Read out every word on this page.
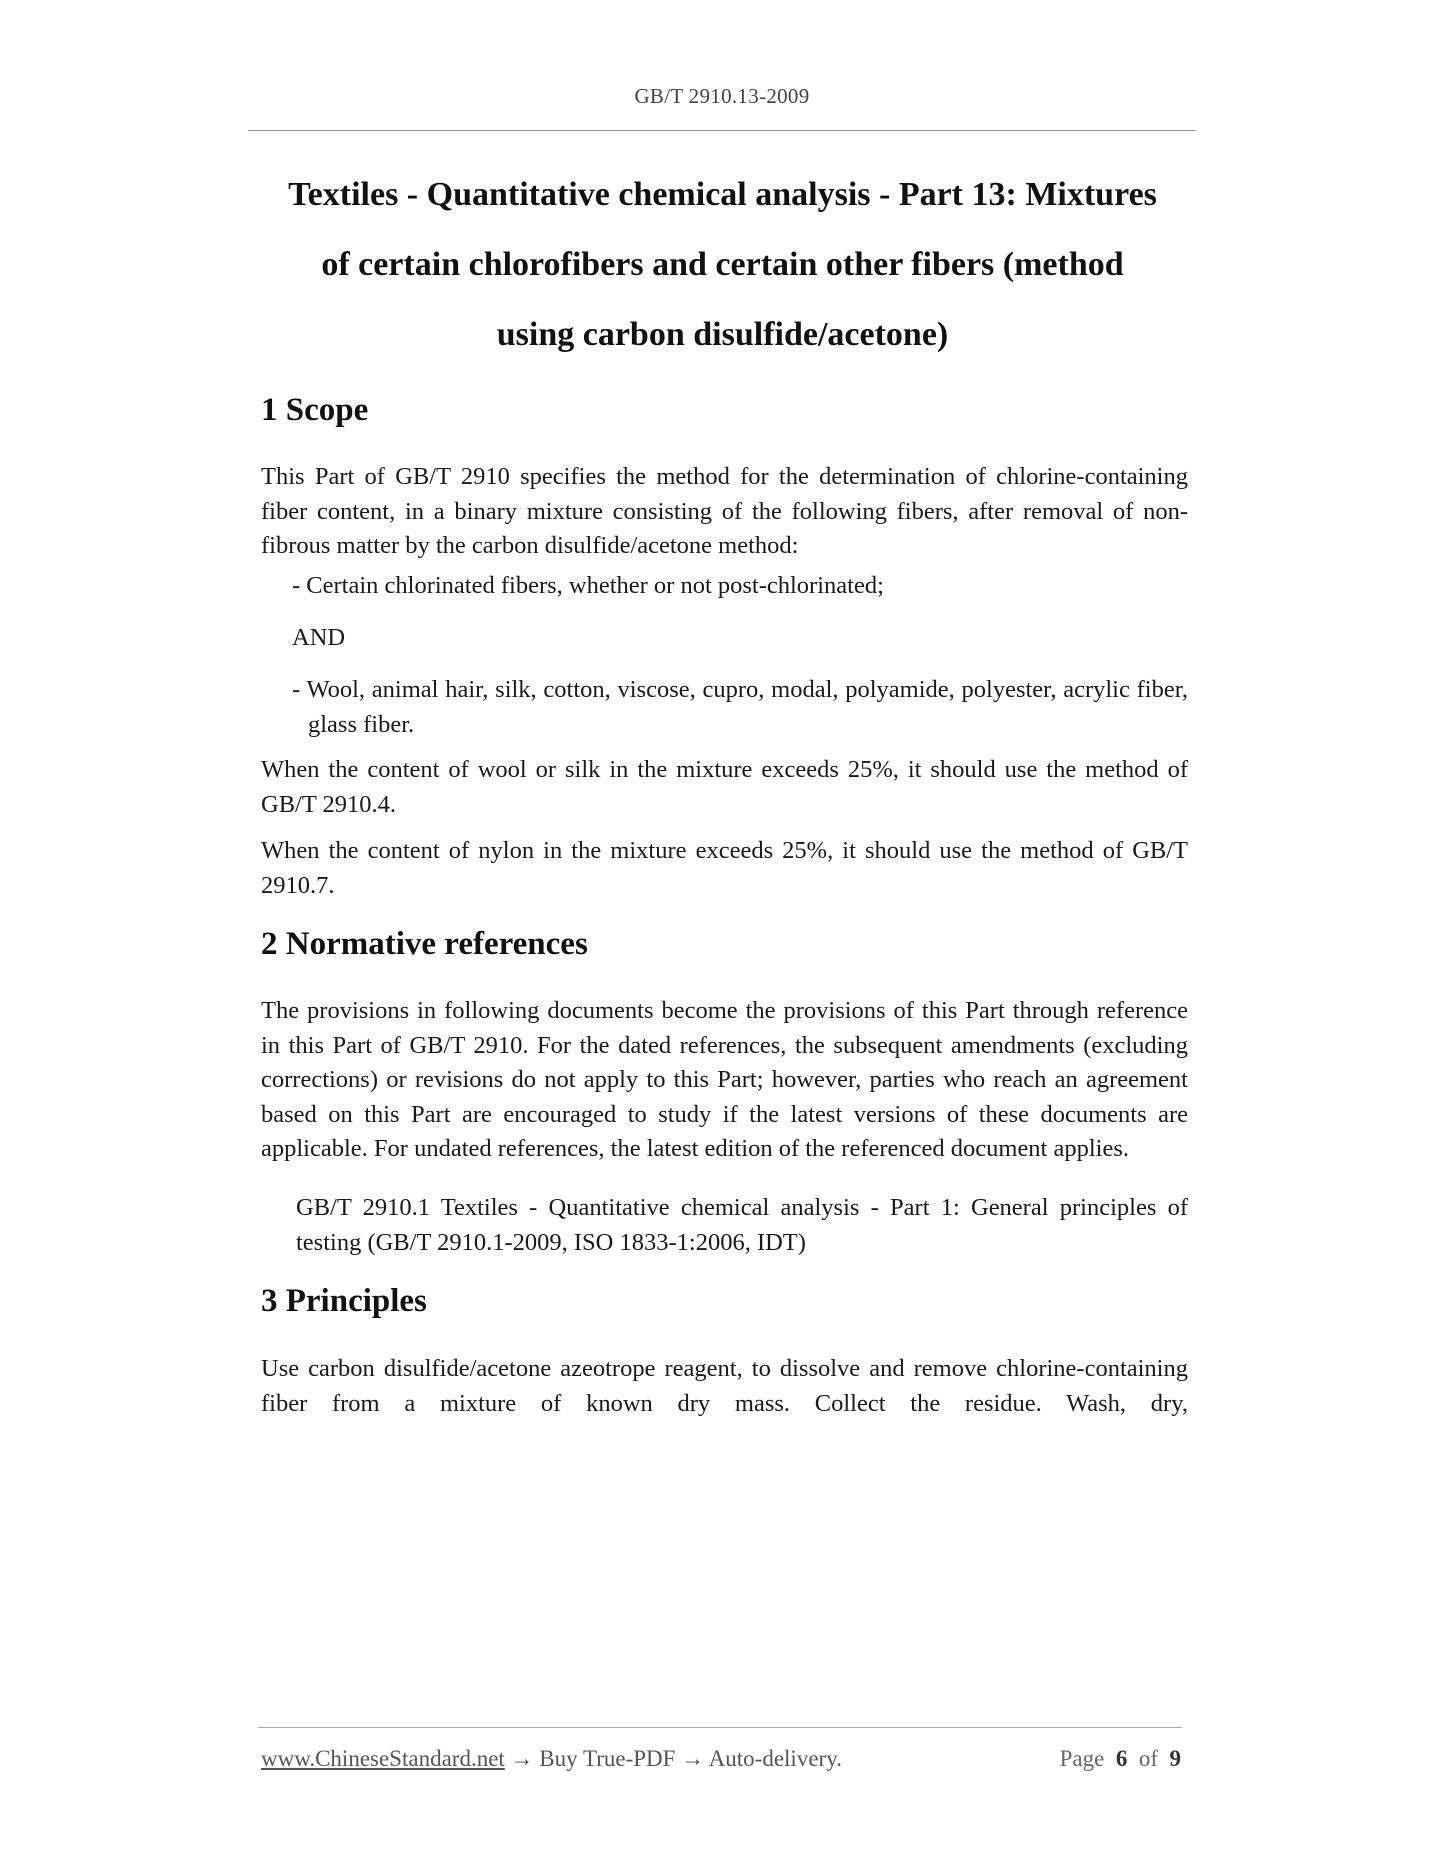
GB/T 2910.13-2009
Textiles - Quantitative chemical analysis - Part 13: Mixtures
of certain chlorofibers and certain other fibers (method
using carbon disulfide/acetone)
1 Scope
This Part of GB/T 2910 specifies the method for the determination of chlorine-containing fiber content, in a binary mixture consisting of the following fibers, after removal of non-fibrous matter by the carbon disulfide/acetone method:
- Certain chlorinated fibers, whether or not post-chlorinated;
AND
- Wool, animal hair, silk, cotton, viscose, cupro, modal, polyamide, polyester, acrylic fiber, glass fiber.
When the content of wool or silk in the mixture exceeds 25%, it should use the method of GB/T 2910.4.
When the content of nylon in the mixture exceeds 25%, it should use the method of GB/T 2910.7.
2 Normative references
The provisions in following documents become the provisions of this Part through reference in this Part of GB/T 2910. For the dated references, the subsequent amendments (excluding corrections) or revisions do not apply to this Part; however, parties who reach an agreement based on this Part are encouraged to study if the latest versions of these documents are applicable. For undated references, the latest edition of the referenced document applies.
GB/T 2910.1 Textiles - Quantitative chemical analysis - Part 1: General principles of testing (GB/T 2910.1-2009, ISO 1833-1:2006, IDT)
3 Principles
Use carbon disulfide/acetone azeotrope reagent, to dissolve and remove chlorine-containing fiber from a mixture of known dry mass. Collect the residue. Wash, dry,
www.ChineseStandard.net → Buy True-PDF → Auto-delivery.	Page 6 of 9
